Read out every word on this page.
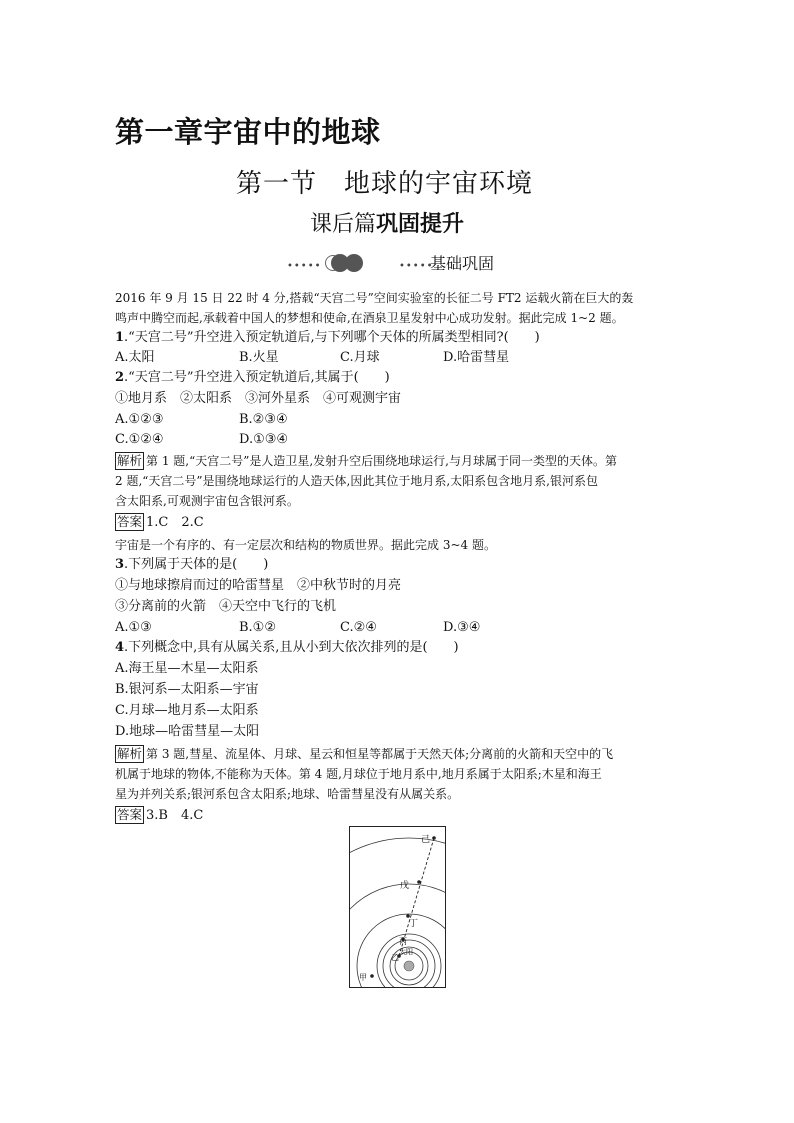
第一章宇宙中的地球
第一节　地球的宇宙环境
课后篇巩固提升
•••••	•••••
基础巩固
2016 年 9 月 15 日 22 时 4 分,搭载“天宫二号”空间实验室的长征二号 FT2 运载火箭在巨大的轰
鸣声中腾空而起,承载着中国人的梦想和使命,在酒泉卫星发射中心成功发射。据此完成 1~2 题。
1.“天宫二号”升空进入预定轨道后,与下列哪个天体的所属类型相同?(　　)
A.太阳	B.火星	C.月球	D.哈雷彗星
2.“天宫二号”升空进入预定轨道后,其属于(　　)
①地月系　②太阳系　③河外星系　④可观测宇宙
A.①②③	B.②③④
C.①②④	D.①③④
解析 第 1 题,“天宫二号”是人造卫星,发射升空后围绕地球运行,与月球属于同一类型的天体。第
2 题,“天宫二号”是围绕地球运行的人造天体,因此其位于地月系,太阳系包含地月系,银河系包
含太阳系,可观测宇宙包含银河系。
答案 1.C　2.C
宇宙是一个有序的、有一定层次和结构的物质世界。据此完成 3~4 题。
3.下列属于天体的是(　　)
①与地球擦肩而过的哈雷彗星　②中秋节时的月亮
③分离前的火箭　④天空中飞行的飞机
A.①③	B.①②	C.②④	D.③④
4.下列概念中,具有从属关系,且从小到大依次排列的是(　　)
A.海王星—木星—太阳系
B.银河系—太阳系—宇宙
C.月球—地月系—太阳系
D.地球—哈雷彗星—太阳
解析 第 3 题,彗星、流星体、月球、星云和恒星等都属于天然天体;分离前的火箭和天空中的飞
机属于地球的物体,不能称为天体。第 4 题,月球位于地月系中,地月系属于太阳系;木星和海王
星为并列关系;银河系包含太阳系;地球、哈雷彗星没有从属关系。
答案 3.B　4.C
己
戊
丁
丙
乙
太阳
甲
